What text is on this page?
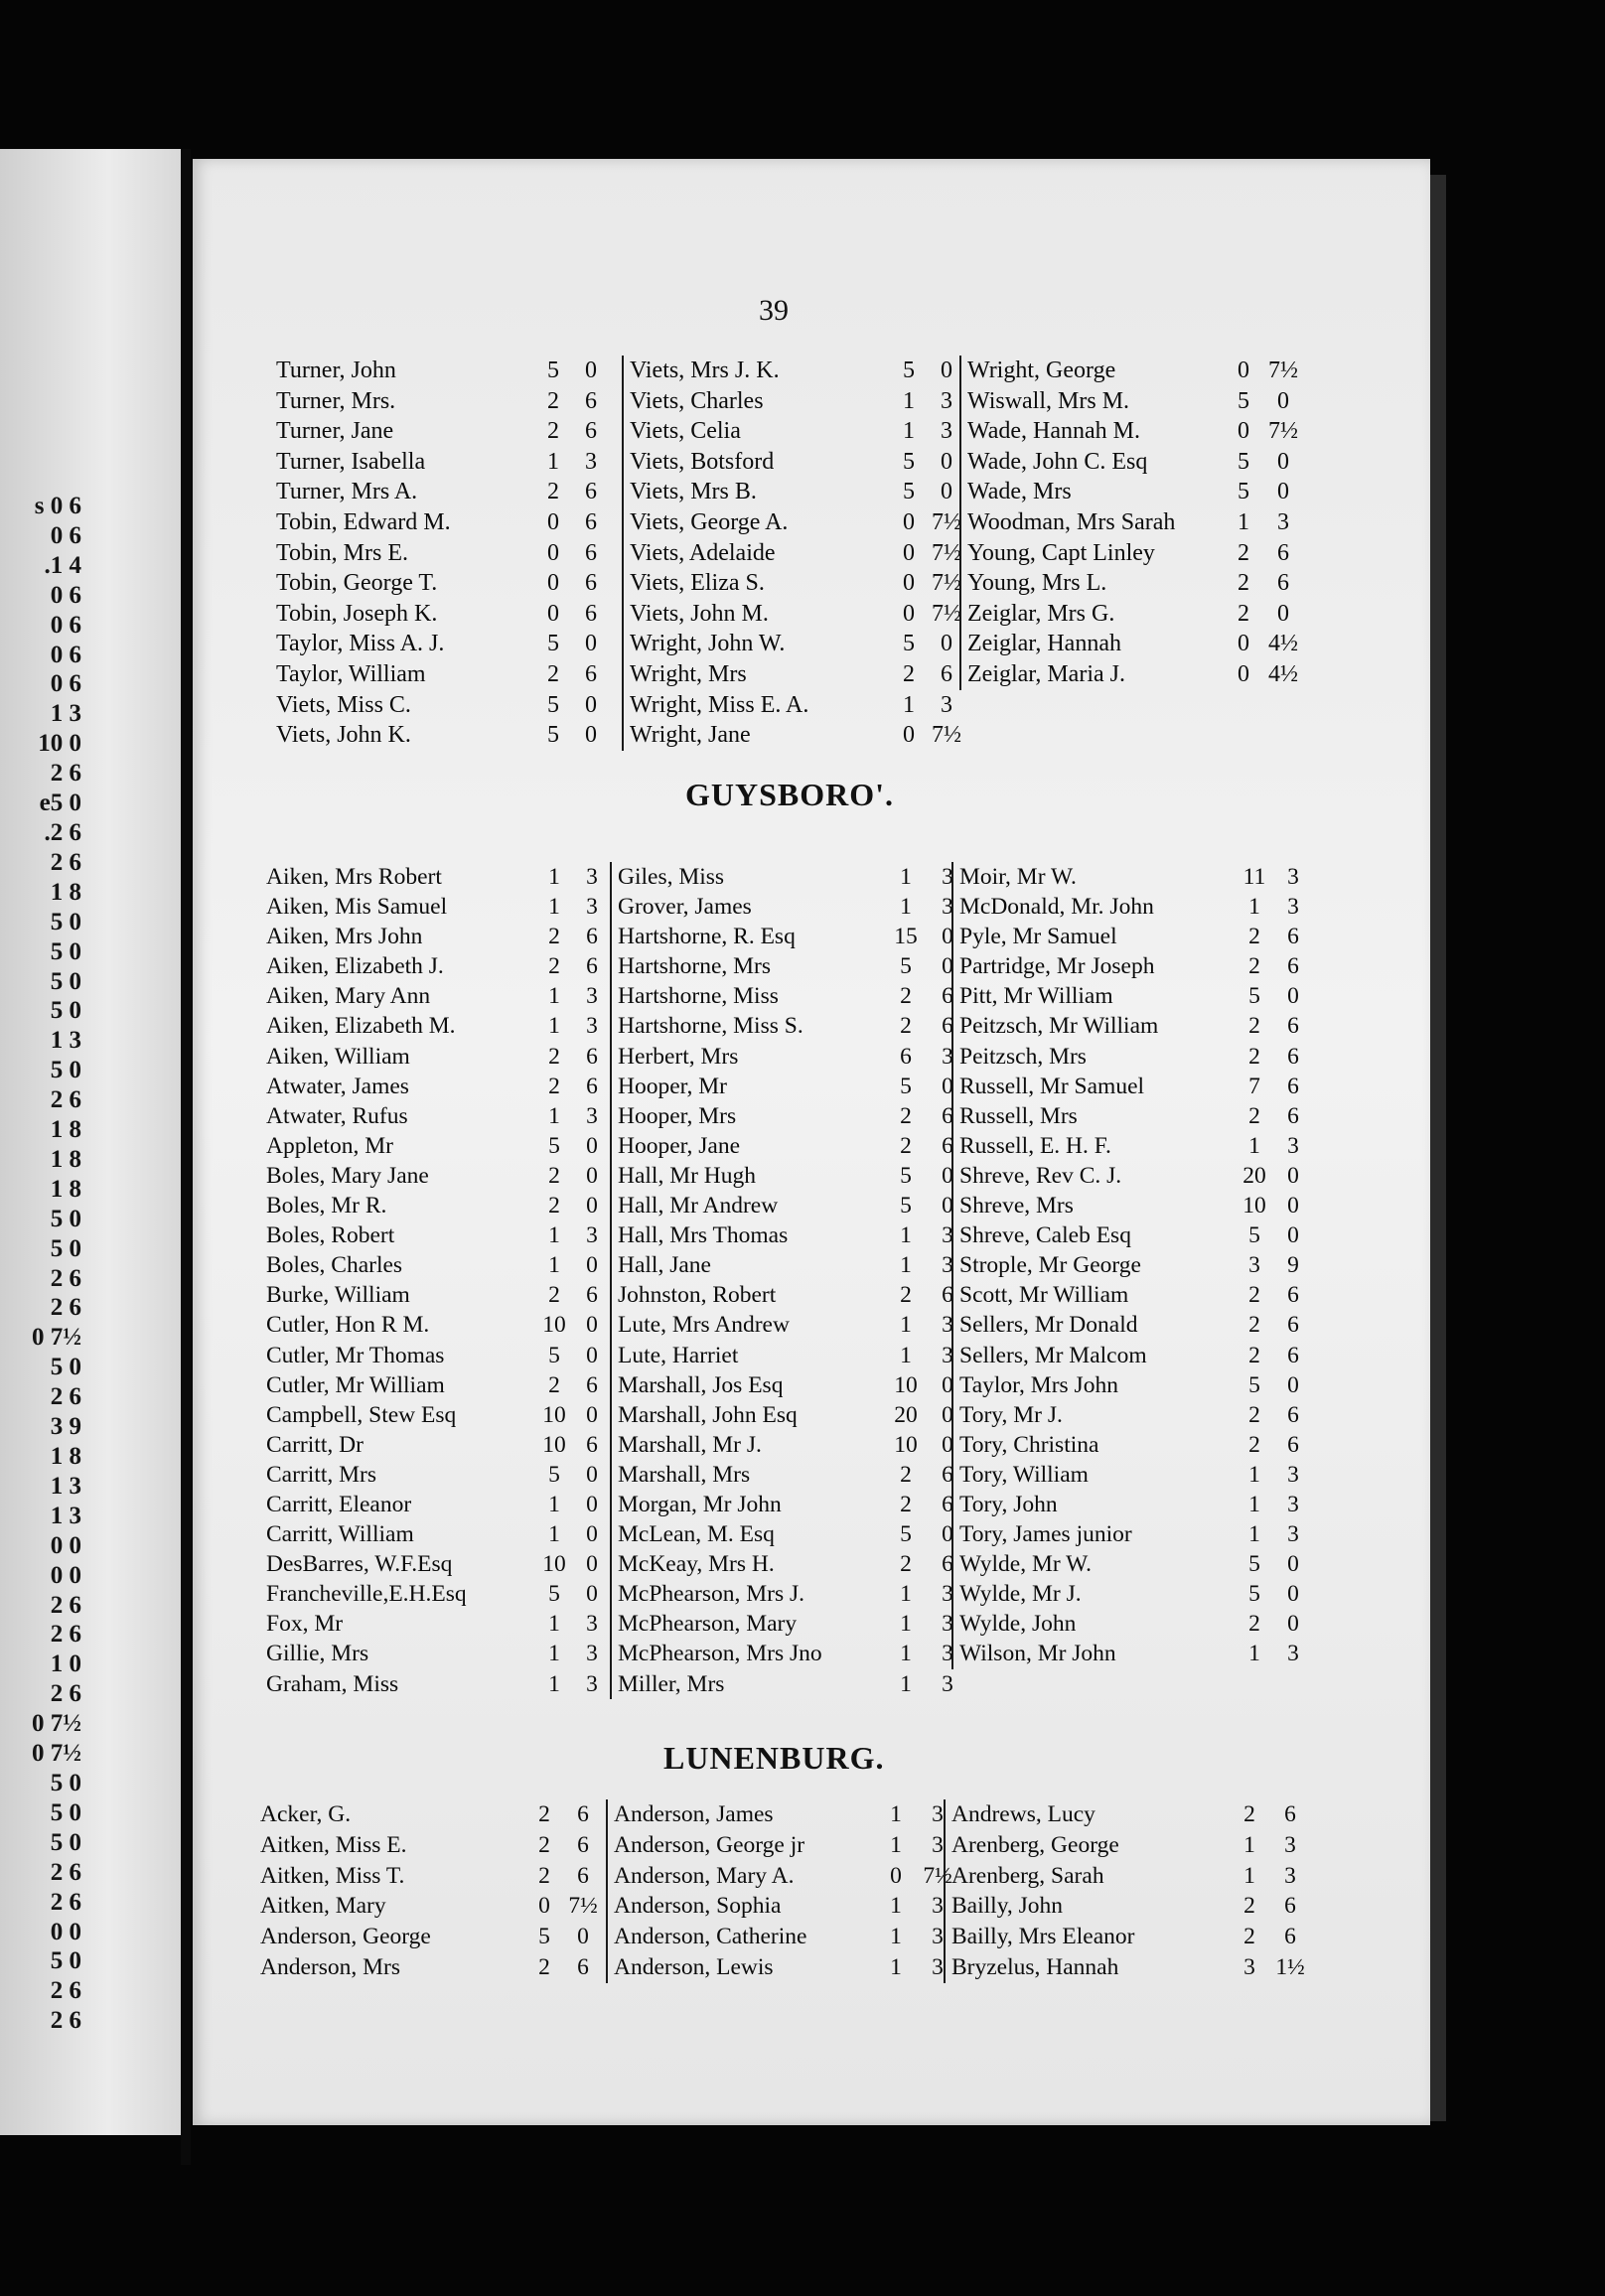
s 0 6
0 6
.1 4
0 6
0 6
0 6
0 6
1 3
10 0
2 6
e5 0
.2 6
2 6
1 8
5 0
5 0
5 0
5 0
1 3
5 0
2 6
1 8
1 8
1 8
5 0
5 0
2 6
2 6
0 7½
5 0
2 6
3 9
1 8
1 3
1 3
0 0
0 0
2 6
2 6
1 0
2 6
0 7½
0 7½
5 0
5 0
5 0
2 6
2 6
0 0
5 0
2 6
2 6
39
Turner, John	5	0
Turner, Mrs.	2	6
Turner, Jane	2	6
Turner, Isabella	1	3
Turner, Mrs A.	2	6
Tobin, Edward M.	0	6
Tobin, Mrs E.	0	6
Tobin, George T.	0	6
Tobin, Joseph K.	0	6
Taylor, Miss A. J.	5	0
Taylor, William	2	6
Viets, Miss C.	5	0
Viets, John K.	5	0
Viets, Mrs J. K.	5	0
Viets, Charles	1	3
Viets, Celia	1	3
Viets, Botsford	5	0
Viets, Mrs B.	5	0
Viets, George A.	0 7½
Viets, Adelaide	0 7½
Viets, Eliza S.	0 7½
Viets, John M.	0 7½
Wright, John W.	5	0
Wright, Mrs	2	6
Wright, Miss E. A.	1	3
Wright, Jane	0 7½
Wright, George	0 7½
Wiswall, Mrs M.	5	0
Wade, Hannah M.	0 7½
Wade, John C. Esq	5	0
Wade, Mrs	5	0
Woodman, Mrs Sarah	1	3
Young, Capt Linley	2	6
Young, Mrs L.	2	6
Zeiglar, Mrs G.	2	0
Zeiglar, Hannah	0 4½
Zeiglar, Maria J.	0 4½
GUYSBORO'.
Aiken, Mrs Robert	1	3
Aiken, Mis Samuel	1	3
Aiken, Mrs John	2	6
Aiken, Elizabeth J.	2	6
Aiken, Mary Ann	1	3
Aiken, Elizabeth M.	1	3
Aiken, William	2	6
Atwater, James	2	6
Atwater, Rufus	1	3
Appleton, Mr	5	0
Boles, Mary Jane	2	0
Boles, Mr R.	2	0
Boles, Robert	1	3
Boles, Charles	1	0
Burke, William	2	6
Cutler, Hon R M.	10 0
Cutler, Mr Thomas	5	0
Cutler, Mr William	2	6
Campbell, Stew Esq	10 0
Carritt, Dr	10 6
Carritt, Mrs	5	0
Carritt, Eleanor	1	0
Carritt, William	1	0
DesBarres, W.F.Esq	10 0
Francheville,E.H.Esq	5	0
Fox, Mr	1	3
Gillie, Mrs	1	3
Graham, Miss	1	3
Giles, Miss	1	3
Grover, James	1	3
Hartshorne, R. Esq	15	0
Hartshorne, Mrs	5	0
Hartshorne, Miss	2	6
Hartshorne, Miss S.	2	6
Herbert, Mrs	6	3
Hooper, Mr	5	0
Hooper, Mrs	2	6
Hooper, Jane	2	6
Hall, Mr Hugh	5	0
Hall, Mr Andrew	5	0
Hall, Mrs Thomas	1	3
Hall, Jane	1	3
Johnston, Robert	2	6
Lute, Mrs Andrew	1	3
Lute, Harriet	1	3
Marshall, Jos Esq	10	0
Marshall, John Esq	20	0
Marshall, Mr J.	10	0
Marshall, Mrs	2	6
Morgan, Mr John	2	6
McLean, M. Esq	5	0
McKeay, Mrs H.	2	6
McPhearson, Mrs J.	1	3
McPhearson, Mary	1	3
McPhearson, Mrs Jno	1	3
Miller, Mrs	1	3
Moir, Mr W.	11 3
McDonald, Mr. John	1	3
Pyle, Mr Samuel	2	6
Partridge, Mr Joseph	2	6
Pitt, Mr William	5	0
Peitzsch, Mr William	2	6
Peitzsch, Mrs	2	6
Russell, Mr Samuel	7	6
Russell, Mrs	2	6
Russell, E. H. F.	1	3
Shreve, Rev C. J.	20 0
Shreve, Mrs	10 0
Shreve, Caleb Esq	5	0
Strople, Mr George	3	9
Scott, Mr William	2	6
Sellers, Mr Donald	2	6
Sellers, Mr Malcom	2	6
Taylor, Mrs John	5	0
Tory, Mr J.	2	6
Tory, Christina	2	6
Tory, William	1	3
Tory, John	1	3
Tory, James junior	1	3
Wylde, Mr W.	5	0
Wylde, Mr J.	5	0
Wylde, John	2	0
Wilson, Mr John	1	3
LUNENBURG.
Acker, G.	2	6
Aitken, Miss E.	2	6
Aitken, Miss T.	2	6
Aitken, Mary	0 7½
Anderson, George	5	0
Anderson, Mrs	2	6
Anderson, James	1	3
Anderson, George jr	1	3
Anderson, Mary A.	0 7½
Anderson, Sophia	1	3
Anderson, Catherine	1	3
Anderson, Lewis	1	3
Andrews, Lucy	2	6
Arenberg, George	1	3
Arenberg, Sarah	1	3
Bailly, John	2	6
Bailly, Mrs Eleanor	2	6
Bryzelus, Hannah	3 1½
